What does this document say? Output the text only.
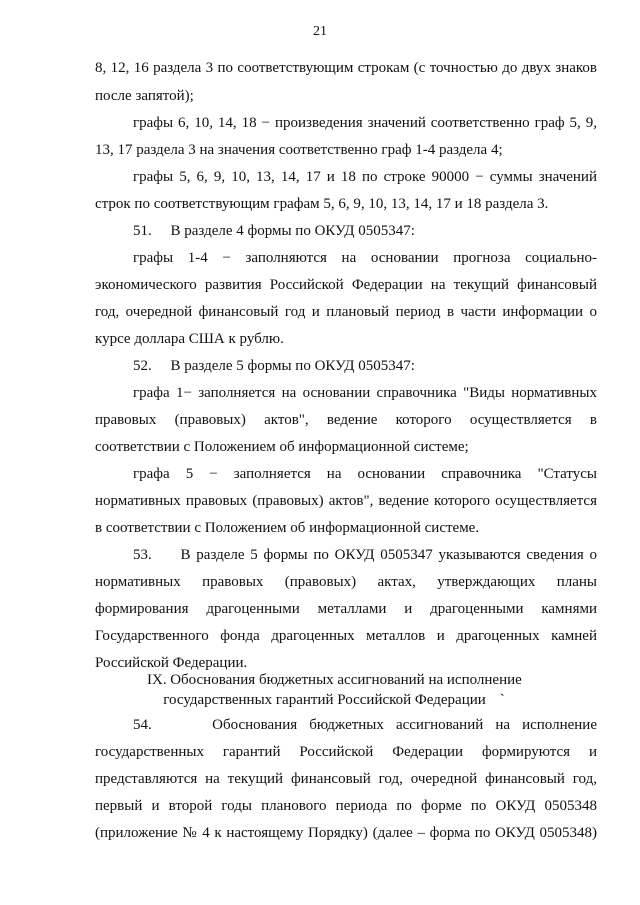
21
8, 12, 16 раздела 3 по соответствующим строкам (с точностью до двух знаков
после запятой);
графы 6, 10, 14, 18 − произведения значений соответственно граф 5, 9,
13, 17 раздела 3 на значения соответственно граф 1-4 раздела 4;
графы 5, 6, 9, 10, 13, 14, 17 и 18 по строке 90000 − суммы значений
строк по соответствующим графам 5, 6, 9, 10, 13, 14, 17 и 18 раздела 3.
51.     В разделе 4 формы по ОКУД 0505347:
графы 1-4 − заполняются на основании прогноза социально-
экономического развития Российской Федерации на текущий финансовый
год, очередной финансовый год и плановый период в части информации о
курсе доллара США к рублю.
52.     В разделе 5 формы по ОКУД 0505347:
графа 1− заполняется на основании справочника "Виды нормативных
правовых (правовых) актов", ведение которого осуществляется в
соответствии с Положением об информационной системе;
графа 5 − заполняется на основании справочника "Статусы
нормативных правовых (правовых) актов", ведение которого осуществляется
в соответствии с Положением об информационной системе.
53.     В разделе 5 формы по ОКУД 0505347 указываются сведения о
нормативных правовых (правовых) актах, утверждающих планы
формирования драгоценными металлами и драгоценными камнями
Государственного фонда драгоценных металлов и драгоценных камней
Российской Федерации.
IX. Обоснования бюджетных ассигнований на исполнение
государственных гарантий Российской Федерации ˋ
54.     Обоснования бюджетных ассигнований на исполнение
государственных гарантий Российской Федерации формируются и
представляются на текущий финансовый год, очередной финансовый год,
первый и второй годы планового периода по форме по ОКУД 0505348
(приложение № 4 к настоящему Порядку) (далее – форма по ОКУД 0505348)
